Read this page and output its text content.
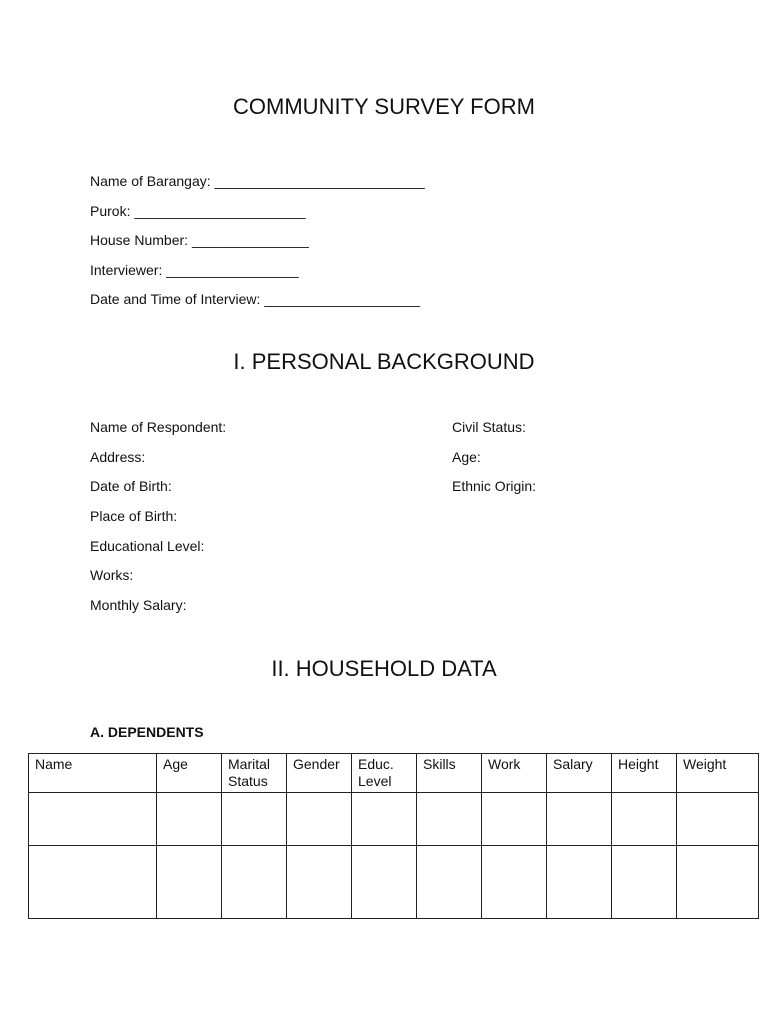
COMMUNITY SURVEY FORM
Name of Barangay: ___________________________
Purok: ______________________
House Number: _______________
Interviewer: _________________
Date and Time of Interview: ____________________
I. PERSONAL BACKGROUND
Name of Respondent:
Address:
Date of Birth:
Place of Birth:
Educational Level:
Works:
Monthly Salary:
Civil Status:
Age:
Ethnic Origin:
II. HOUSEHOLD DATA
A. DEPENDENTS
Name	Age	Marital Status	Gender	Educ. Level	Skills	Work	Salary	Height	Weight
